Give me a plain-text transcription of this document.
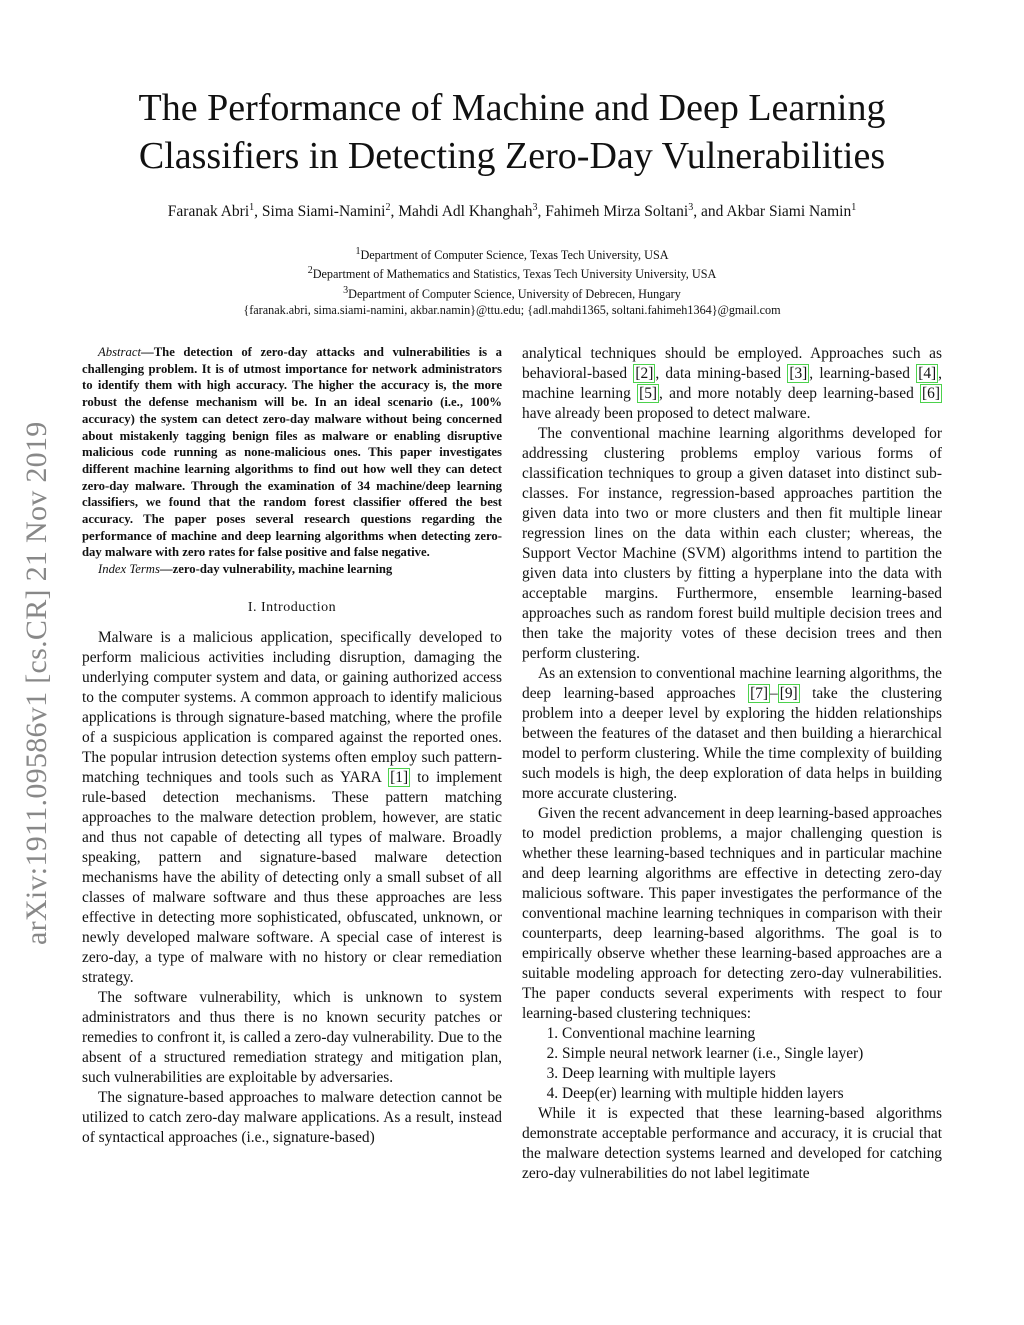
arXiv:1911.09586v1 [cs.CR] 21 Nov 2019
The Performance of Machine and Deep Learning
Classifiers in Detecting Zero-Day Vulnerabilities
Faranak Abri$^1$, Sima Siami-Namini$^2$, Mahdi Adl Khanghah$^3$, Fahimeh Mirza Soltani$^3$, and Akbar Siami Namin$^1$
$^1$Department of Computer Science, Texas Tech University, USA
$^2$Department of Mathematics and Statistics, Texas Tech University University, USA
$^3$Department of Computer Science, University of Debrecen, Hungary
{faranak.abri, sima.siami-namini, akbar.namin}@ttu.edu; {adl.mahdi1365, soltani.fahimeh1364}@gmail.com

Abstract—The detection of zero-day attacks and vulnerabilities is a challenging problem. It is of utmost importance for network administrators to identify them with high accuracy. The higher the accuracy is, the more robust the defense mechanism will be. In an ideal scenario (i.e., 100% accuracy) the system can detect zero-day malware without being concerned about mistakenly tagging benign files as malware or enabling disruptive malicious code running as none-malicious ones. This paper investigates different machine learning algorithms to find out how well they can detect zero-day malware. Through the examination of 34 machine/deep learning classifiers, we found that the random forest classifier offered the best accuracy. The paper poses several research questions regarding the performance of machine and deep learning algorithms when detecting zero-day malware with zero rates for false positive and false negative.

Index Terms—zero-day vulnerability, machine learning

I. Introduction

Malware is a malicious application, specifically developed to perform malicious activities including disruption, damaging the underlying computer system and data, or gaining authorized access to the computer systems. A common approach to identify malicious applications is through signature-based matching, where the profile of a suspicious application is compared against the reported ones. The popular intrusion detection systems often employ such pattern-matching techniques and tools such as YARA [1] to implement rule-based detection mechanisms. These pattern matching approaches to the malware detection problem, however, are static and thus not capable of detecting all types of malware. Broadly speaking, pattern and signature-based malware detection mechanisms have the ability of detecting only a small subset of all classes of malware software and thus these approaches are less effective in detecting more sophisticated, obfuscated, unknown, or newly developed malware software. A special case of interest is zero-day, a type of malware with no history or clear remediation strategy.

The software vulnerability, which is unknown to system administrators and thus there is no known security patches or remedies to confront it, is called a zero-day vulnerability. Due to the absent of a structured remediation strategy and mitigation plan, such vulnerabilities are exploitable by adversaries.

The signature-based approaches to malware detection cannot be utilized to catch zero-day malware applications. As a result, instead of syntactical approaches (i.e., signature-based)

analytical techniques should be employed. Approaches such as behavioral-based [2] , data mining-based [3] , learning-based [4] , machine learning [5] , and more notably deep learning-based [6] have already been proposed to detect malware.

The conventional machine learning algorithms developed for addressing clustering problems employ various forms of classification techniques to group a given dataset into distinct sub-classes. For instance, regression-based approaches partition the given data into two or more clusters and then fit multiple linear regression lines on the data within each cluster; whereas, the Support Vector Machine (SVM) algorithms intend to partition the given data into clusters by fitting a hyperplane into the data with acceptable margins. Furthermore, ensemble learning-based approaches such as random forest build multiple decision trees and then take the majority votes of these decision trees and then perform clustering.

As an extension to conventional machine learning algorithms, the deep learning-based approaches [7] – [9] take the clustering problem into a deeper level by exploring the hidden relationships between the features of the dataset and then building a hierarchical model to perform clustering. While the time complexity of building such models is high, the deep exploration of data helps in building more accurate clustering.

Given the recent advancement in deep learning-based approaches to model prediction problems, a major challenging question is whether these learning-based techniques and in particular machine and deep learning algorithms are effective in detecting zero-day malicious software. This paper investigates the performance of the conventional machine learning techniques in comparison with their counterparts, deep learning-based algorithms. The goal is to empirically observe whether these learning-based approaches are a suitable modeling approach for detecting zero-day vulnerabilities. The paper conducts several experiments with respect to four learning-based clustering techniques:

1. Conventional machine learning
2. Simple neural network learner (i.e., Single layer)
3. Deep learning with multiple layers
4. Deep(er) learning with multiple hidden layers

While it is expected that these learning-based algorithms demonstrate acceptable performance and accuracy, it is crucial that the malware detection systems learned and developed for catching zero-day vulnerabilities do not label legitimate
